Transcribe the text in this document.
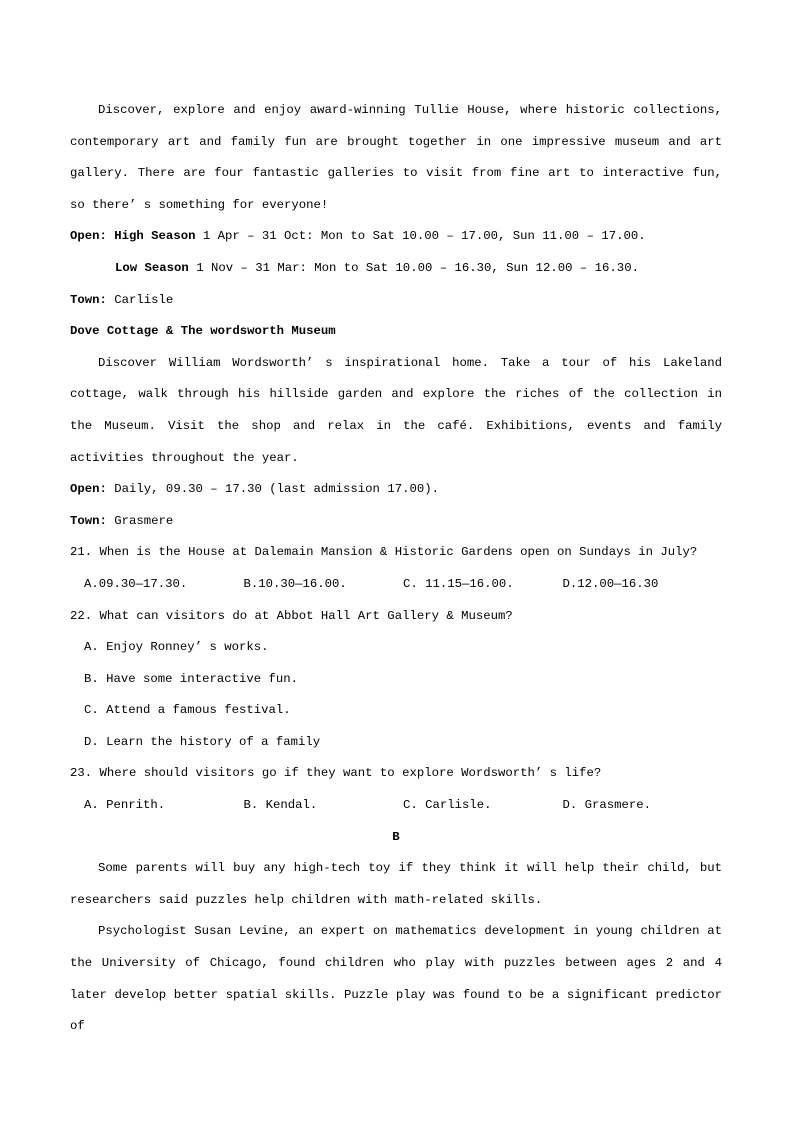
Discover, explore and enjoy award-winning Tullie House, where historic collections, contemporary art and family fun are brought together in one impressive museum and art gallery. There are four fantastic galleries to visit from fine art to interactive fun, so there’ s something for everyone!
Open: High Season 1 Apr – 31 Oct: Mon to Sat 10.00 – 17.00, Sun 11.00 – 17.00.
Low Season 1 Nov – 31 Mar: Mon to Sat 10.00 – 16.30, Sun 12.00 – 16.30.
Town: Carlisle
Dove Cottage & The wordsworth Museum
Discover William Wordsworth’ s inspirational home. Take a tour of his Lakeland cottage, walk through his hillside garden and explore the riches of the collection in the Museum. Visit the shop and relax in the café. Exhibitions, events and family activities throughout the year.
Open: Daily, 09.30 – 17.30 (last admission 17.00).
Town: Grasmere
21. When is the House at Dalemain Mansion & Historic Gardens open on Sundays in July?
A.09.30—17.30.	B.10.30—16.00.	C. 11.15—16.00.	D.12.00—16.30
22. What can visitors do at Abbot Hall Art Gallery & Museum?
A. Enjoy Ronney’ s works.
B. Have some interactive fun.
C. Attend a famous festival.
D. Learn the history of a family
23. Where should visitors go if they want to explore Wordsworth’ s life?
A. Penrith.	B. Kendal.	C. Carlisle.	D. Grasmere.
B
Some parents will buy any high-tech toy if they think it will help their child, but researchers said puzzles help children with math-related skills.
Psychologist Susan Levine, an expert on mathematics development in young children at the University of Chicago, found children who play with puzzles between ages 2 and 4 later develop better spatial skills. Puzzle play was found to be a significant predictor of
